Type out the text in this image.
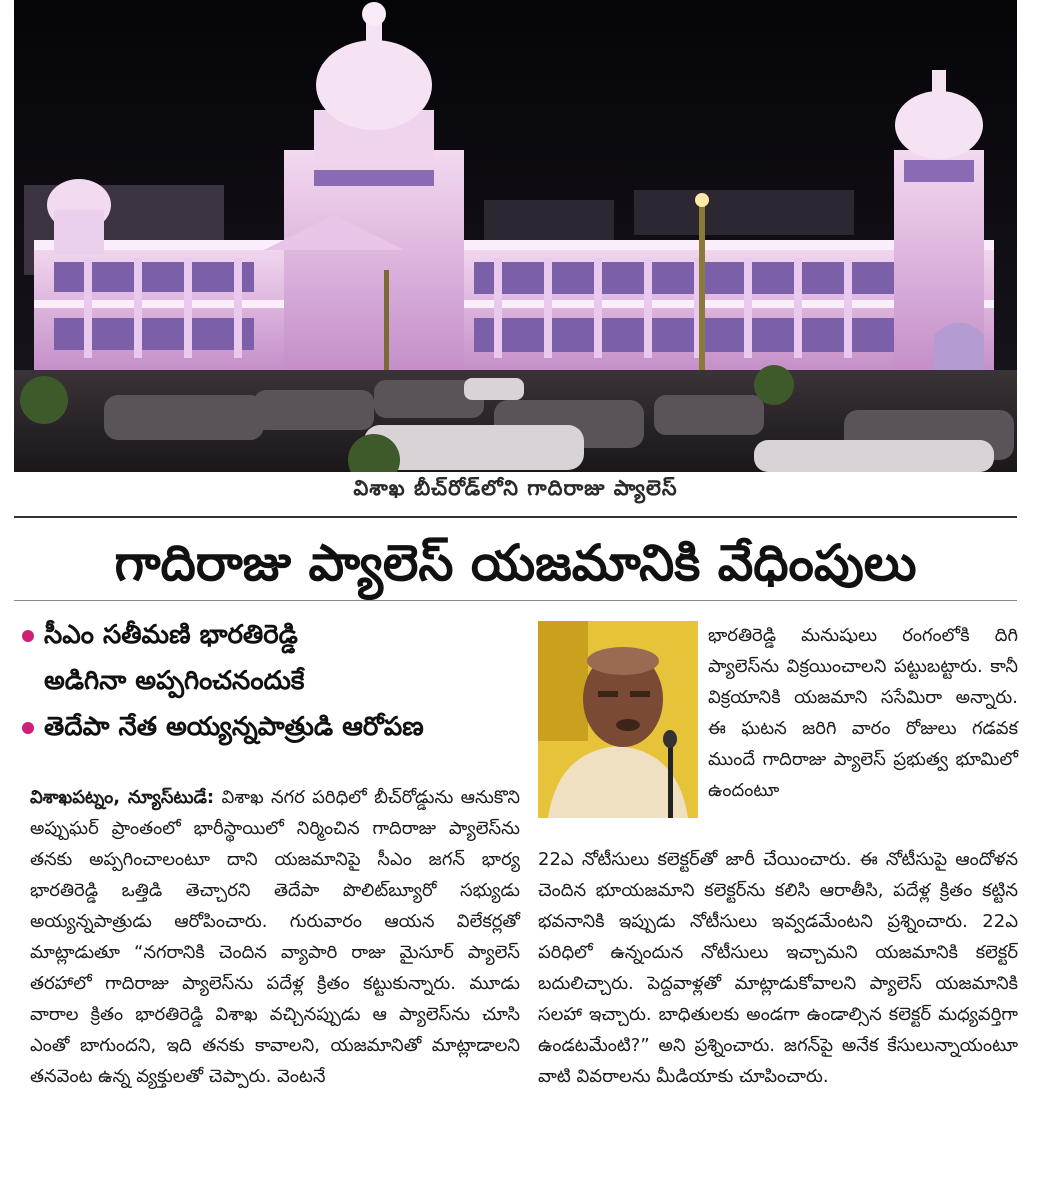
విశాఖ బీచ్‌రోడ్‌లోని గాదిరాజు ప్యాలెస్
గాదిరాజు ప్యాలెస్ యజమానికి వేధింపులు
సీఎం సతీమణి భారతిరెడ్డి
అడిగినా అప్పగించనందుకే
తెదేపా నేత అయ్యన్నపాత్రుడి ఆరోపణ
విశాఖపట్నం, న్యూస్‌టుడే: విశాఖ నగర పరిధిలో బీచ్‌రోడ్డును ఆనుకొని అప్పుఘర్ ప్రాంతంలో భారీస్థాయిలో నిర్మించిన గాదిరాజు ప్యాలెస్‌ను తనకు అప్పగించాలంటూ దాని యజమానిపై సీఎం జగన్ భార్య భారతిరెడ్డి ఒత్తిడి తెచ్చారని తెదేపా పొలిట్‌బ్యూరో సభ్యుడు అయ్యన్నపాత్రుడు ఆరోపించారు. గురువారం ఆయన విలేకర్లతో మాట్లాడుతూ “నగరానికి చెందిన వ్యాపారి రాజు మైసూర్ ప్యాలెస్ తరహాలో గాదిరాజు ప్యాలెస్‌ను పదేళ్ల క్రితం కట్టుకున్నారు. మూడు వారాల క్రితం భారతిరెడ్డి విశాఖ వచ్చినప్పుడు ఆ ప్యాలెస్‌ను చూసి ఎంతో బాగుందని, ఇది తనకు కావాలని, యజమానితో మాట్లాడాలని తనవెంట ఉన్న వ్యక్తులతో చెప్పారు. వెంటనే
భారతిరెడ్డి మనుషులు రంగంలోకి దిగి ప్యాలెస్‌ను విక్రయించాలని పట్టుబట్టారు. కానీ విక్రయానికి యజమాని ససేమిరా అన్నారు. ఈ ఘటన జరిగి వారం రోజులు గడవక ముందే గాదిరాజు ప్యాలెస్ ప్రభుత్వ భూమిలో ఉందంటూ
22ఎ నోటీసులు కలెక్టర్‌తో జారీ చేయించారు. ఈ నోటీసుపై ఆందోళన చెందిన భూయజమాని కలెక్టర్‌ను కలిసి ఆరాతీసి, పదేళ్ల క్రితం కట్టిన భవనానికి ఇప్పుడు నోటీసులు ఇవ్వడమేంటని ప్రశ్నించారు. 22ఎ పరిధిలో ఉన్నందున నోటీసులు ఇచ్చామని యజమానికి కలెక్టర్ బదులిచ్చారు. పెద్దవాళ్లతో మాట్లాడుకోవాలని ప్యాలెస్ యజమానికి సలహా ఇచ్చారు. బాధితులకు అండగా ఉండాల్సిన కలెక్టర్ మధ్యవర్తిగా ఉండటమేంటి?” అని ప్రశ్నించారు. జగన్‌పై అనేక కేసులున్నాయంటూ వాటి వివరాలను మీడియాకు చూపించారు.
